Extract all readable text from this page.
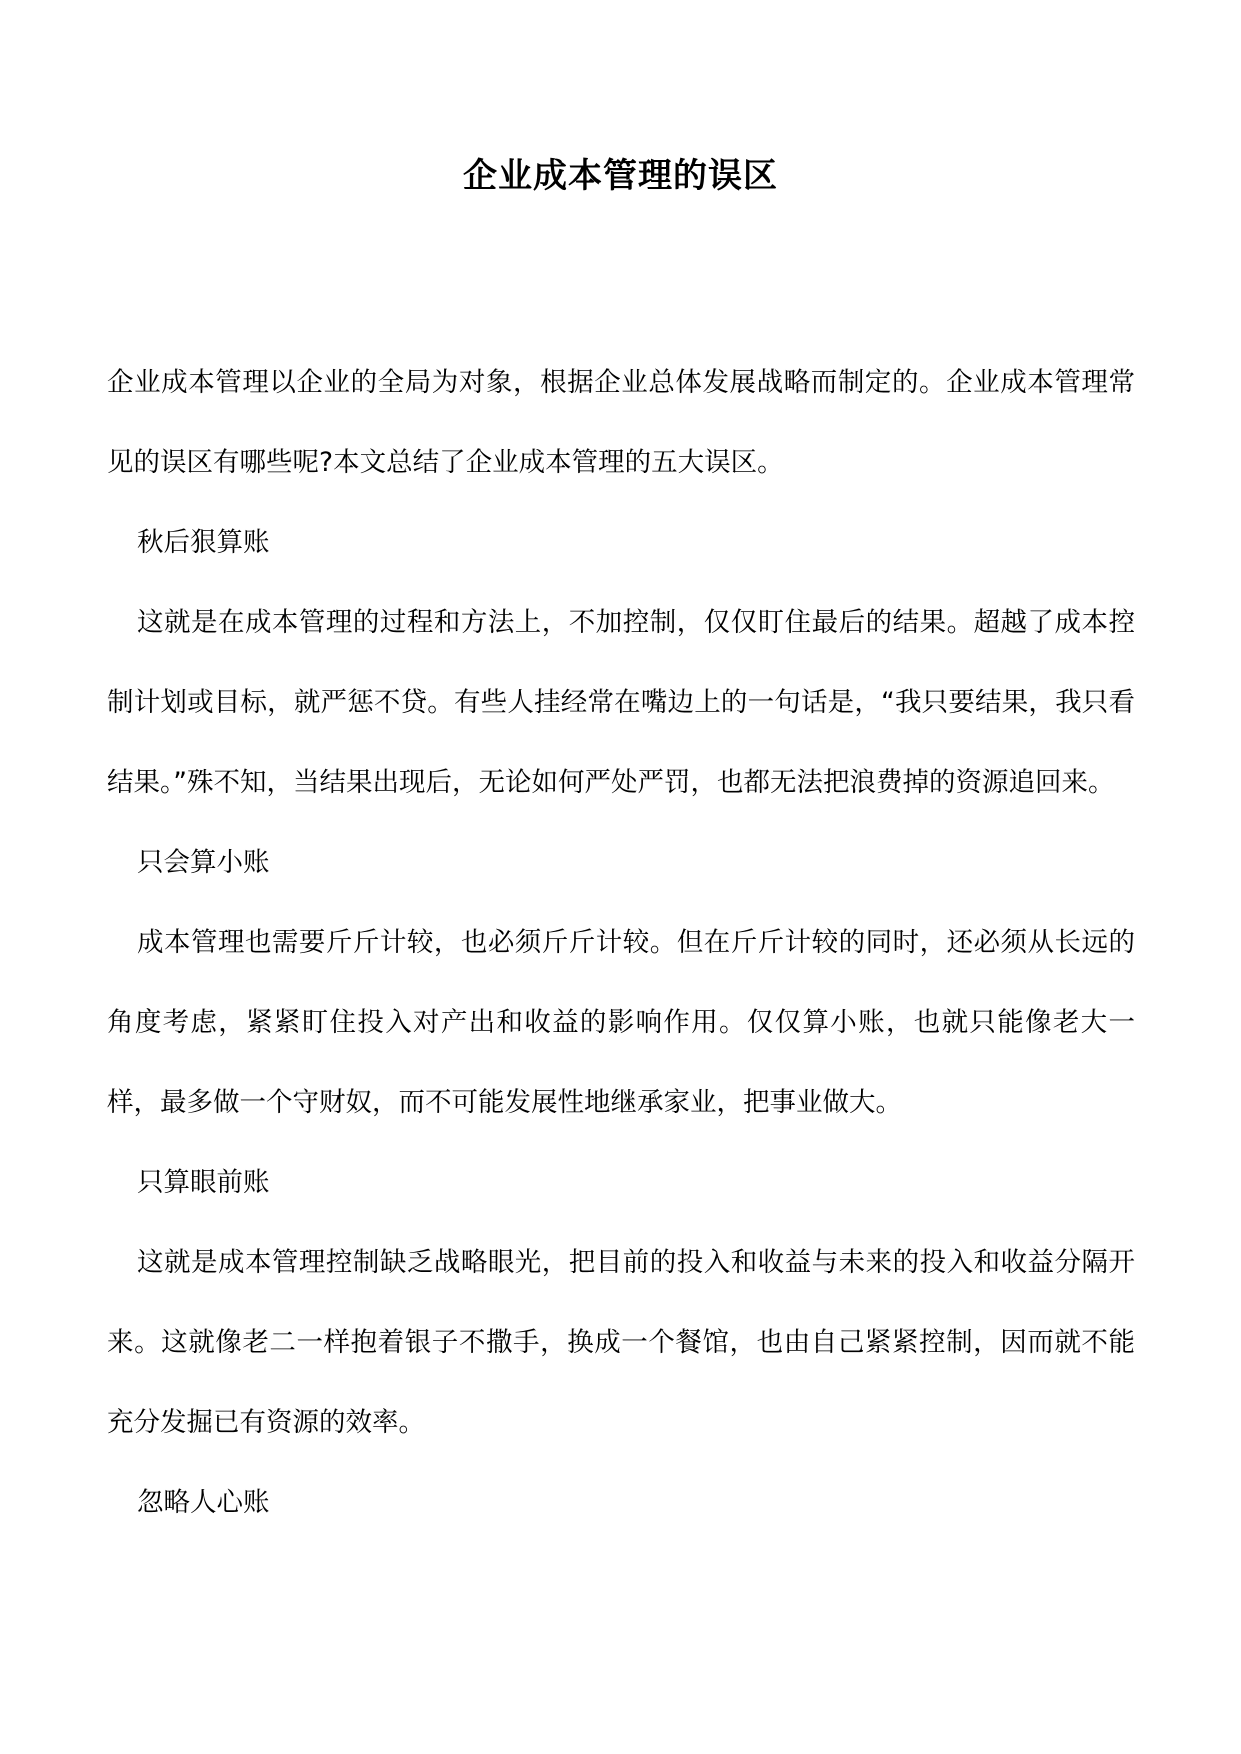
企业成本管理的误区

企业成本管理以企业的全局为对象，根据企业总体发展战略而制定的。企业成本管理常见的误区有哪些呢?本文总结了企业成本管理的五大误区。

秋后狠算账

这就是在成本管理的过程和方法上，不加控制，仅仅盯住最后的结果。超越了成本控制计划或目标，就严惩不贷。有些人挂经常在嘴边上的一句话是，“我只要结果，我只看结果。”殊不知，当结果出现后，无论如何严处严罚，也都无法把浪费掉的资源追回来。

只会算小账

成本管理也需要斤斤计较，也必须斤斤计较。但在斤斤计较的同时，还必须从长远的角度考虑，紧紧盯住投入对产出和收益的影响作用。仅仅算小账，也就只能像老大一样，最多做一个守财奴，而不可能发展性地继承家业，把事业做大。

只算眼前账

这就是成本管理控制缺乏战略眼光，把目前的投入和收益与未来的投入和收益分隔开来。这就像老二一样抱着银子不撒手，换成一个餐馆，也由自己紧紧控制，因而就不能充分发掘已有资源的效率。

忽略人心账
